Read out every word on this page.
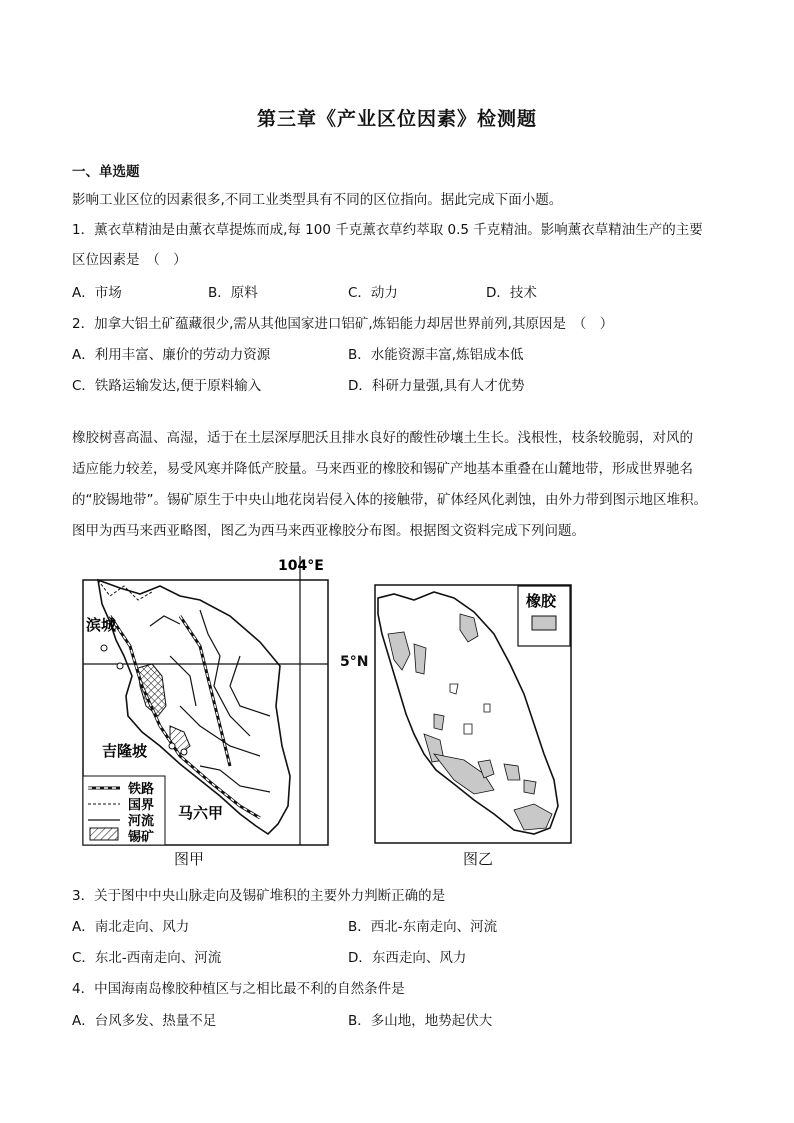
第三章《产业区位因素》检测题
一、单选题
影响工业区位的因素很多,不同工业类型具有不同的区位指向。据此完成下面小题。
1．薰衣草精油是由薰衣草提炼而成,每 100 千克薰衣草约萃取 0.5 千克精油。影响薰衣草精油生产的主要
区位因素是　（　）
A．市场	B．原料	C．动力	D．技术
2．加拿大铝土矿蕴藏很少,需从其他国家进口铝矿,炼铝能力却居世界前列,其原因是　（　）
A．利用丰富、廉价的劳动力资源	B．水能资源丰富,炼铝成本低
C．铁路运输发达,便于原料输入	D．科研力量强,具有人才优势
橡胶树喜高温、高湿，适于在土层深厚肥沃且排水良好的酸性砂壤土生长。浅根性，枝条较脆弱，对风的
适应能力较差，易受风寒并降低产胶量。马来西亚的橡胶和锡矿产地基本重叠在山麓地带，形成世界驰名
的“胶锡地带”。锡矿原生于中央山地花岗岩侵入体的接触带，矿体经风化剥蚀，由外力带到图示地区堆积。
图甲为西马来西亚略图，图乙为西马来西亚橡胶分布图。根据图文资料完成下列问题。
104°E
滨城
吉隆坡
马六甲
铁路
国界
河流
锡矿
5°N
图甲
橡胶
图乙
3．关于图中中央山脉走向及锡矿堆积的主要外力判断正确的是
A．南北走向、风力	B．西北-东南走向、河流
C．东北-西南走向、河流	D．东西走向、风力
4．中国海南岛橡胶种植区与之相比最不利的自然条件是
A．台风多发、热量不足	B．多山地，地势起伏大
